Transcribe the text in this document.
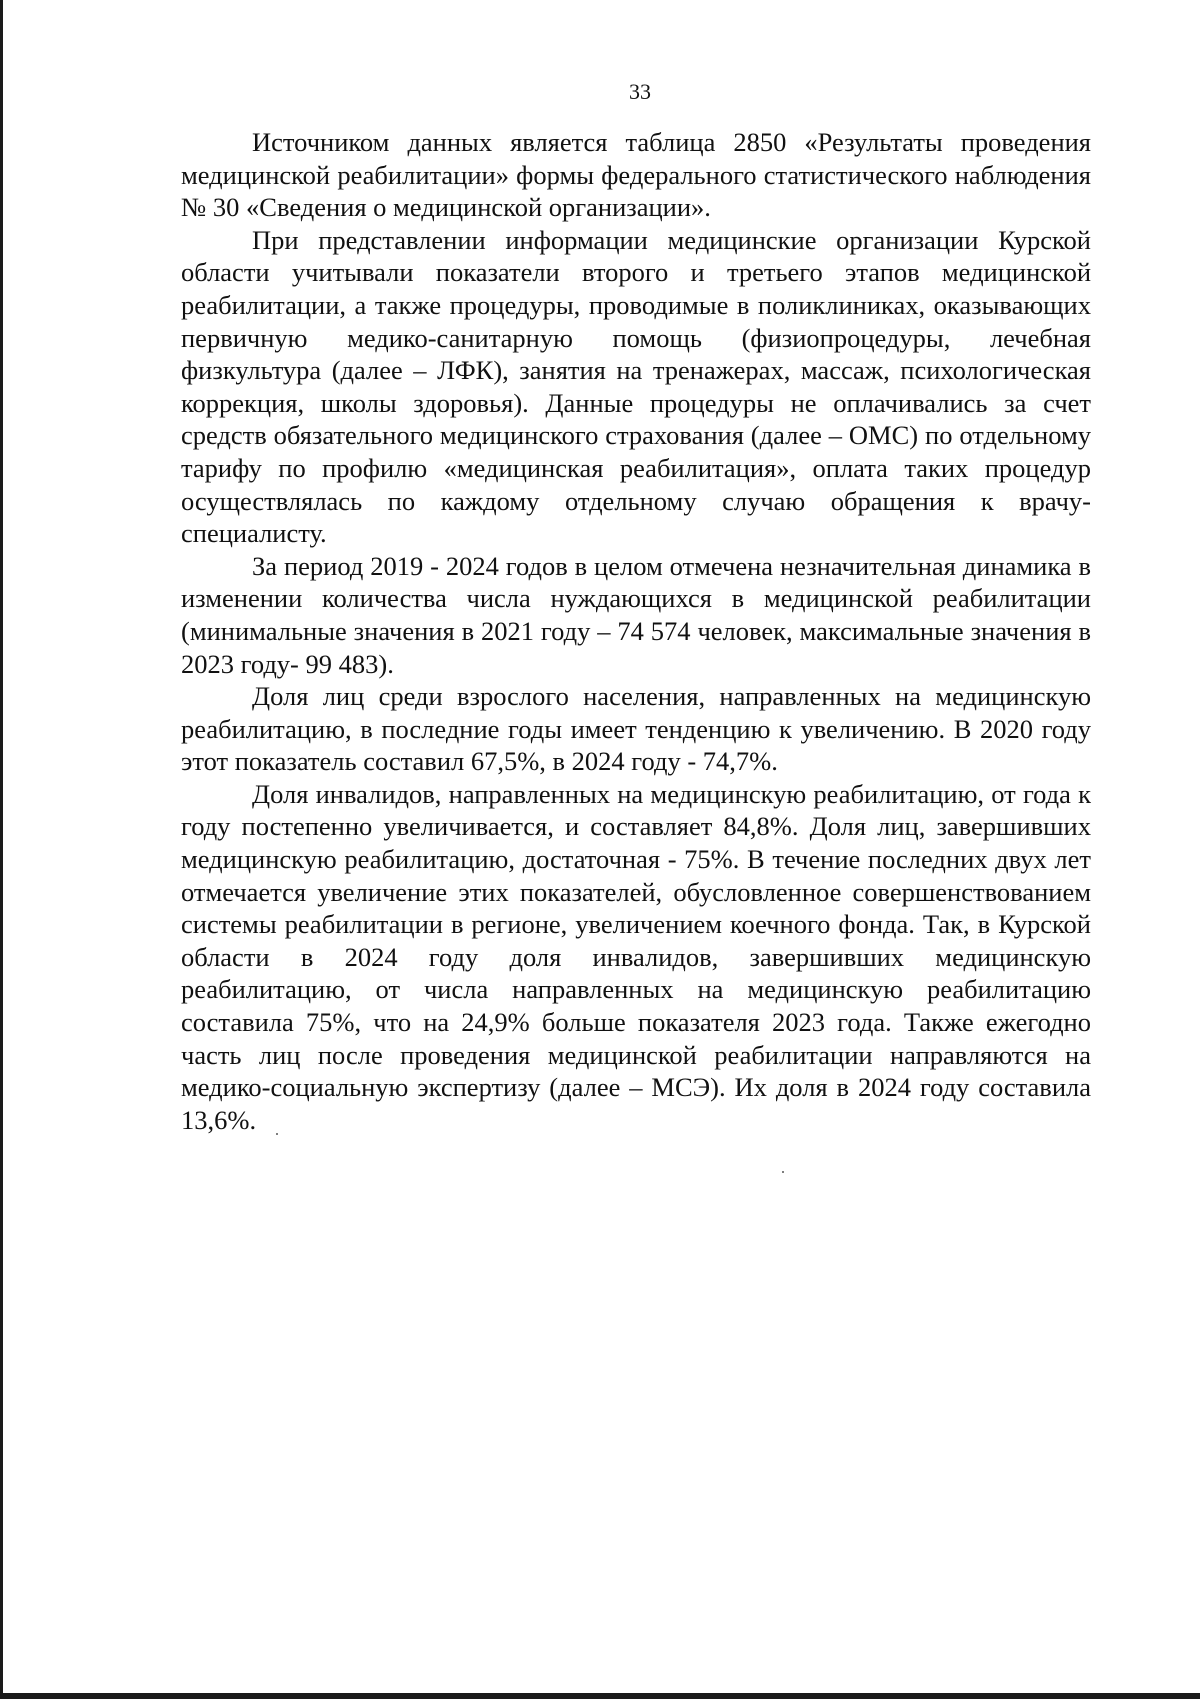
33

Источником данных является таблица 2850 «Результаты проведения медицинской реабилитации» формы федерального статистического наблюдения № 30 «Сведения о медицинской организации».

При представлении информации медицинские организации Курской области учитывали показатели второго и третьего этапов медицинской реабилитации, а также процедуры, проводимые в поликлиниках, оказывающих первичную медико-санитарную помощь (физиопроцедуры, лечебная физкультура (далее – ЛФК), занятия на тренажерах, массаж, психологическая коррекция, школы здоровья). Данные процедуры не оплачивались за счет средств обязательного медицинского страхования (далее – ОМС) по отдельному тарифу по профилю «медицинская реабилитация», оплата таких процедур осуществлялась по каждому отдельному случаю обращения к врачу-специалисту.

За период 2019 - 2024 годов в целом отмечена незначительная динамика в изменении количества числа нуждающихся в медицинской реабилитации (минимальные значения в 2021 году – 74 574 человек, максимальные значения в 2023 году- 99 483).

Доля лиц среди взрослого населения, направленных на медицинскую реабилитацию, в последние годы имеет тенденцию к увеличению. В 2020 году этот показатель составил 67,5%, в 2024 году - 74,7%.

Доля инвалидов, направленных на медицинскую реабилитацию, от года к году постепенно увеличивается, и составляет 84,8%. Доля лиц, завершивших медицинскую реабилитацию, достаточная - 75%. В течение последних двух лет отмечается увеличение этих показателей, обусловленное совершенствованием системы реабилитации в регионе, увеличением коечного фонда. Так, в Курской области в 2024 году доля инвалидов, завершивших медицинскую реабилитацию, от числа направленных на медицинскую реабилитацию составила 75%, что на 24,9% больше показателя 2023 года. Также ежегодно часть лиц после проведения медицинской реабилитации направляются на медико-социальную экспертизу (далее – МСЭ). Их доля в 2024 году составила 13,6%.
